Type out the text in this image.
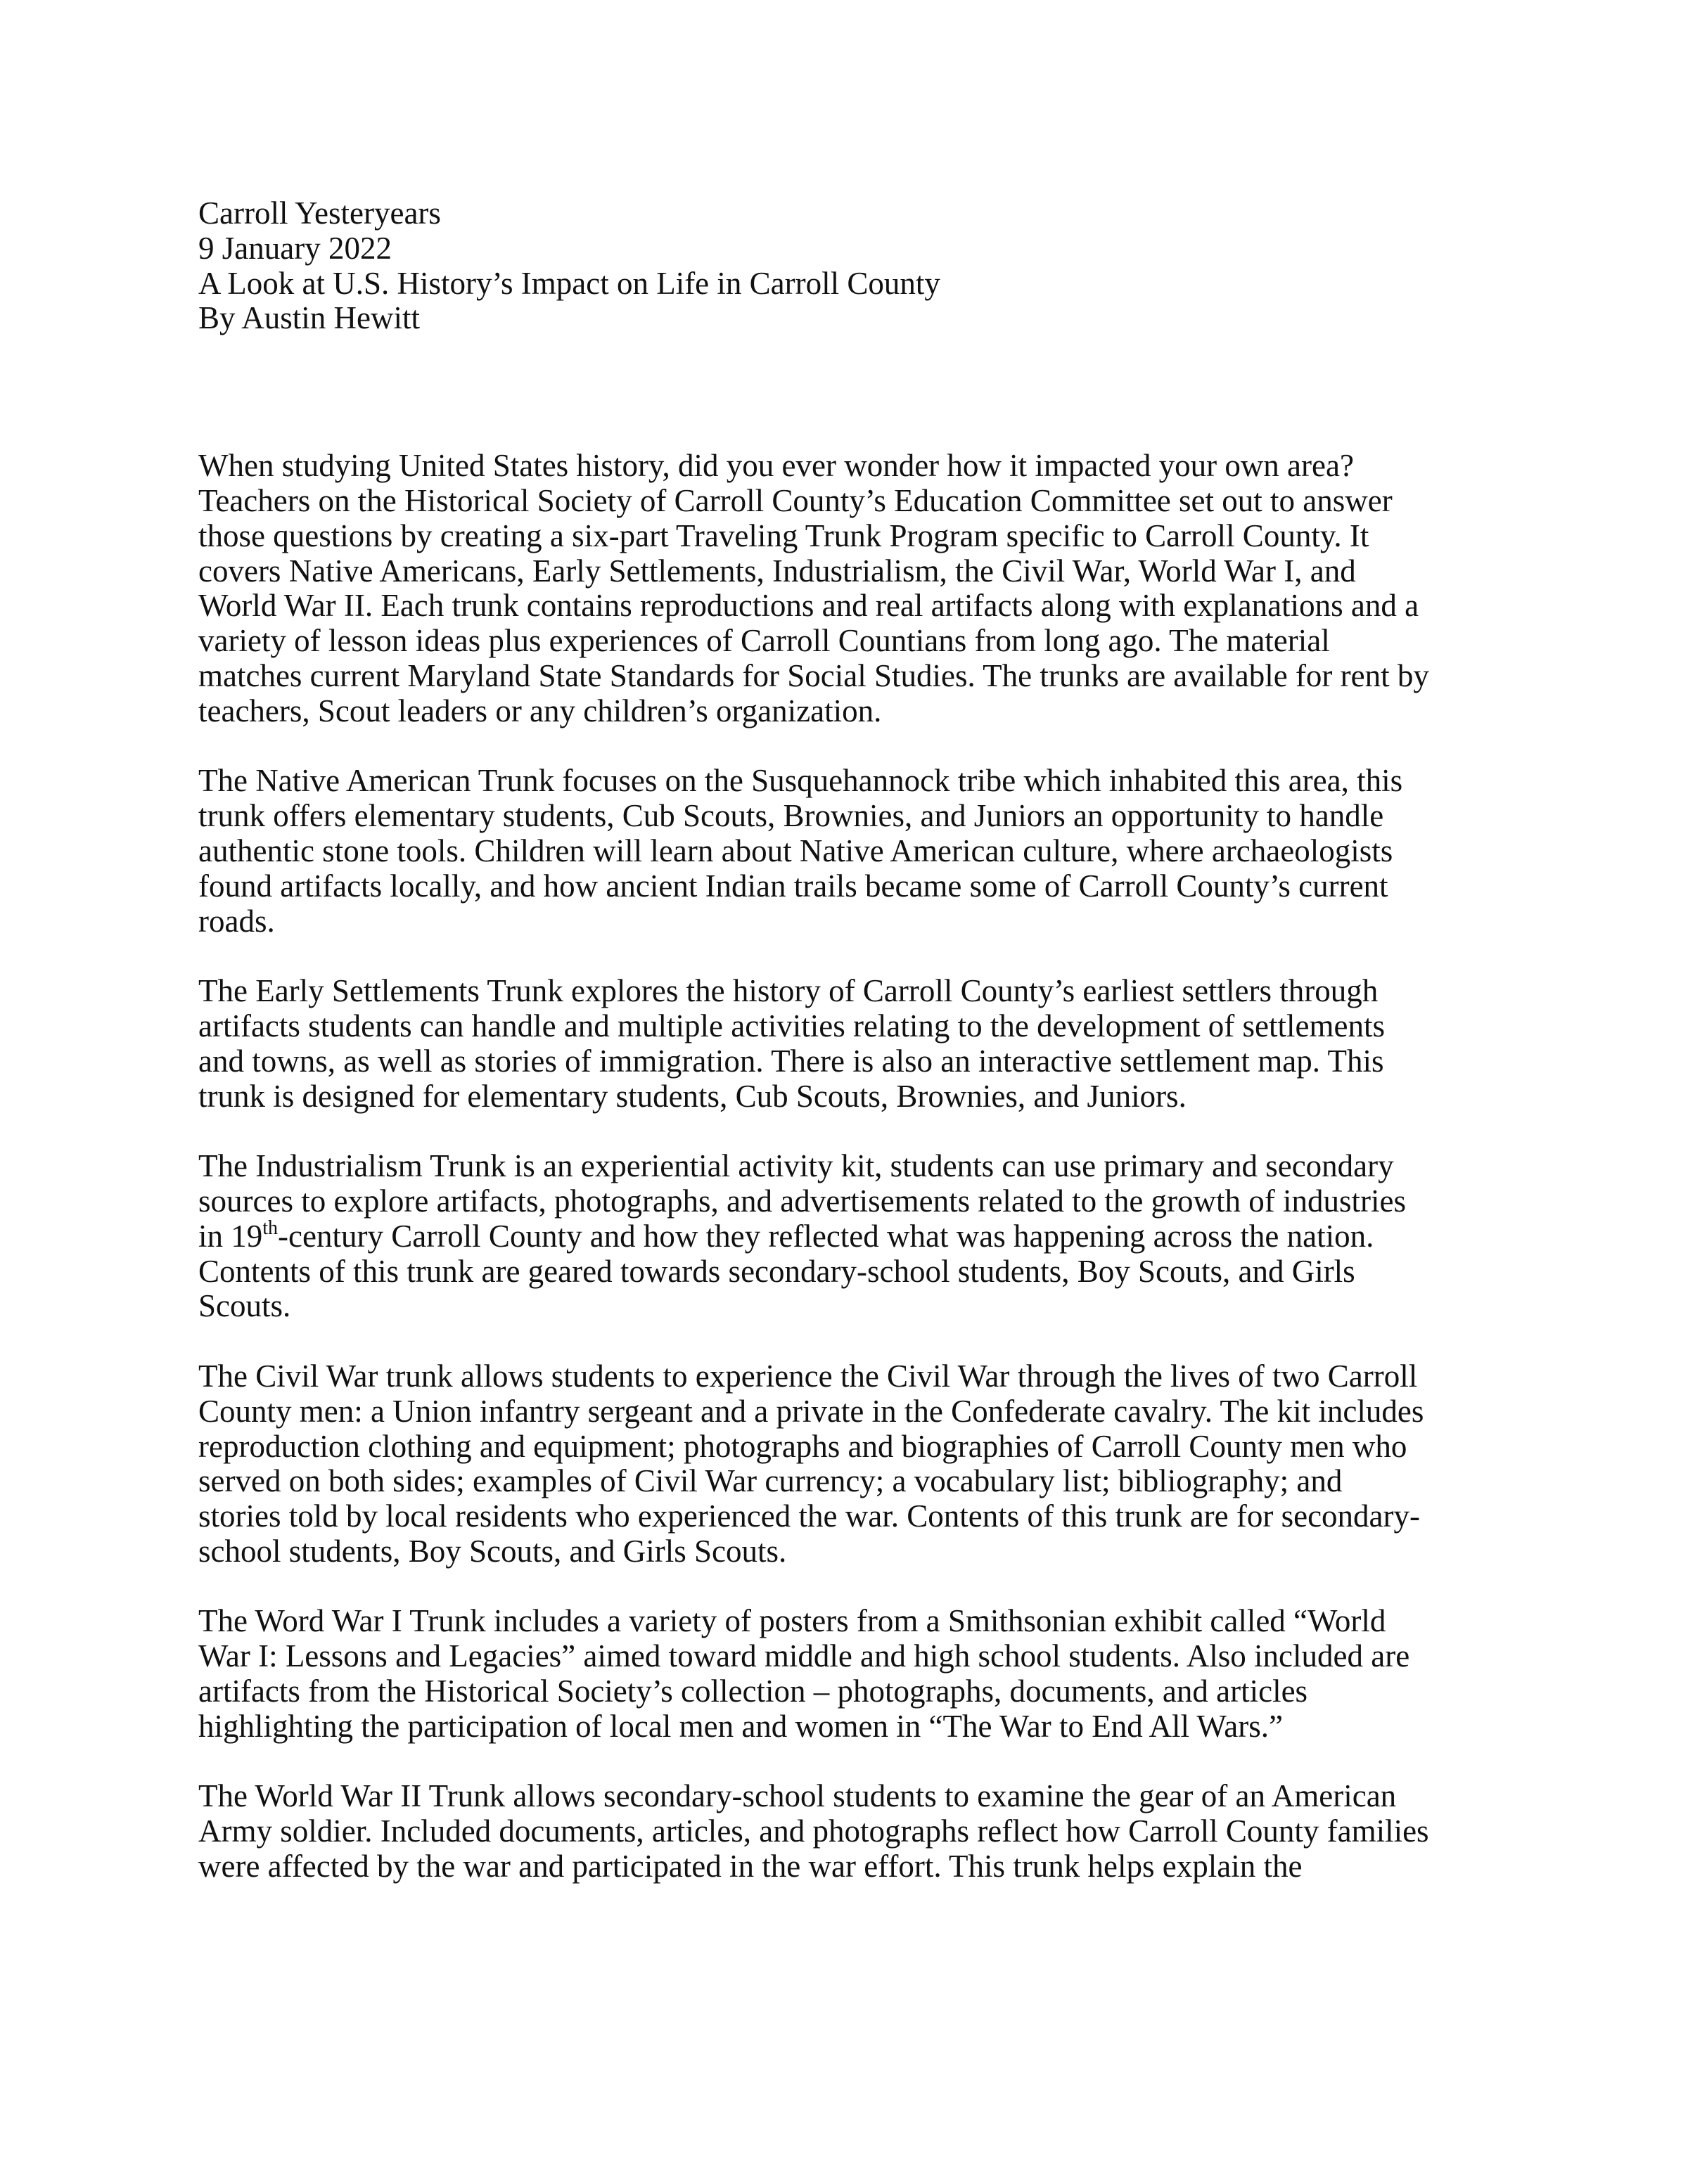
Carroll Yesteryears
9 January 2022
A Look at U.S. History’s Impact on Life in Carroll County
By Austin Hewitt
When studying United States history, did you ever wonder how it impacted your own area?
Teachers on the Historical Society of Carroll County’s Education Committee set out to answer
those questions by creating a six-part Traveling Trunk Program specific to Carroll County. It
covers Native Americans, Early Settlements, Industrialism, the Civil War, World War I, and
World War II. Each trunk contains reproductions and real artifacts along with explanations and a
variety of lesson ideas plus experiences of Carroll Countians from long ago. The material
matches current Maryland State Standards for Social Studies. The trunks are available for rent by
teachers, Scout leaders or any children’s organization.
The Native American Trunk focuses on the Susquehannock tribe which inhabited this area, this
trunk offers elementary students, Cub Scouts, Brownies, and Juniors an opportunity to handle
authentic stone tools. Children will learn about Native American culture, where archaeologists
found artifacts locally, and how ancient Indian trails became some of Carroll County’s current
roads.
The Early Settlements Trunk explores the history of Carroll County’s earliest settlers through
artifacts students can handle and multiple activities relating to the development of settlements
and towns, as well as stories of immigration. There is also an interactive settlement map. This
trunk is designed for elementary students, Cub Scouts, Brownies, and Juniors.
The Industrialism Trunk is an experiential activity kit, students can use primary and secondary
sources to explore artifacts, photographs, and advertisements related to the growth of industries
in 19th-century Carroll County and how they reflected what was happening across the nation.
Contents of this trunk are geared towards secondary-school students, Boy Scouts, and Girls
Scouts.
The Civil War trunk allows students to experience the Civil War through the lives of two Carroll
County men: a Union infantry sergeant and a private in the Confederate cavalry. The kit includes
reproduction clothing and equipment; photographs and biographies of Carroll County men who
served on both sides; examples of Civil War currency; a vocabulary list; bibliography; and
stories told by local residents who experienced the war. Contents of this trunk are for secondary-
school students, Boy Scouts, and Girls Scouts.
The Word War I Trunk includes a variety of posters from a Smithsonian exhibit called “World
War I: Lessons and Legacies” aimed toward middle and high school students. Also included are
artifacts from the Historical Society’s collection – photographs, documents, and articles
highlighting the participation of local men and women in “The War to End All Wars.”
The World War II Trunk allows secondary-school students to examine the gear of an American
Army soldier. Included documents, articles, and photographs reflect how Carroll County families
were affected by the war and participated in the war effort. This trunk helps explain the
